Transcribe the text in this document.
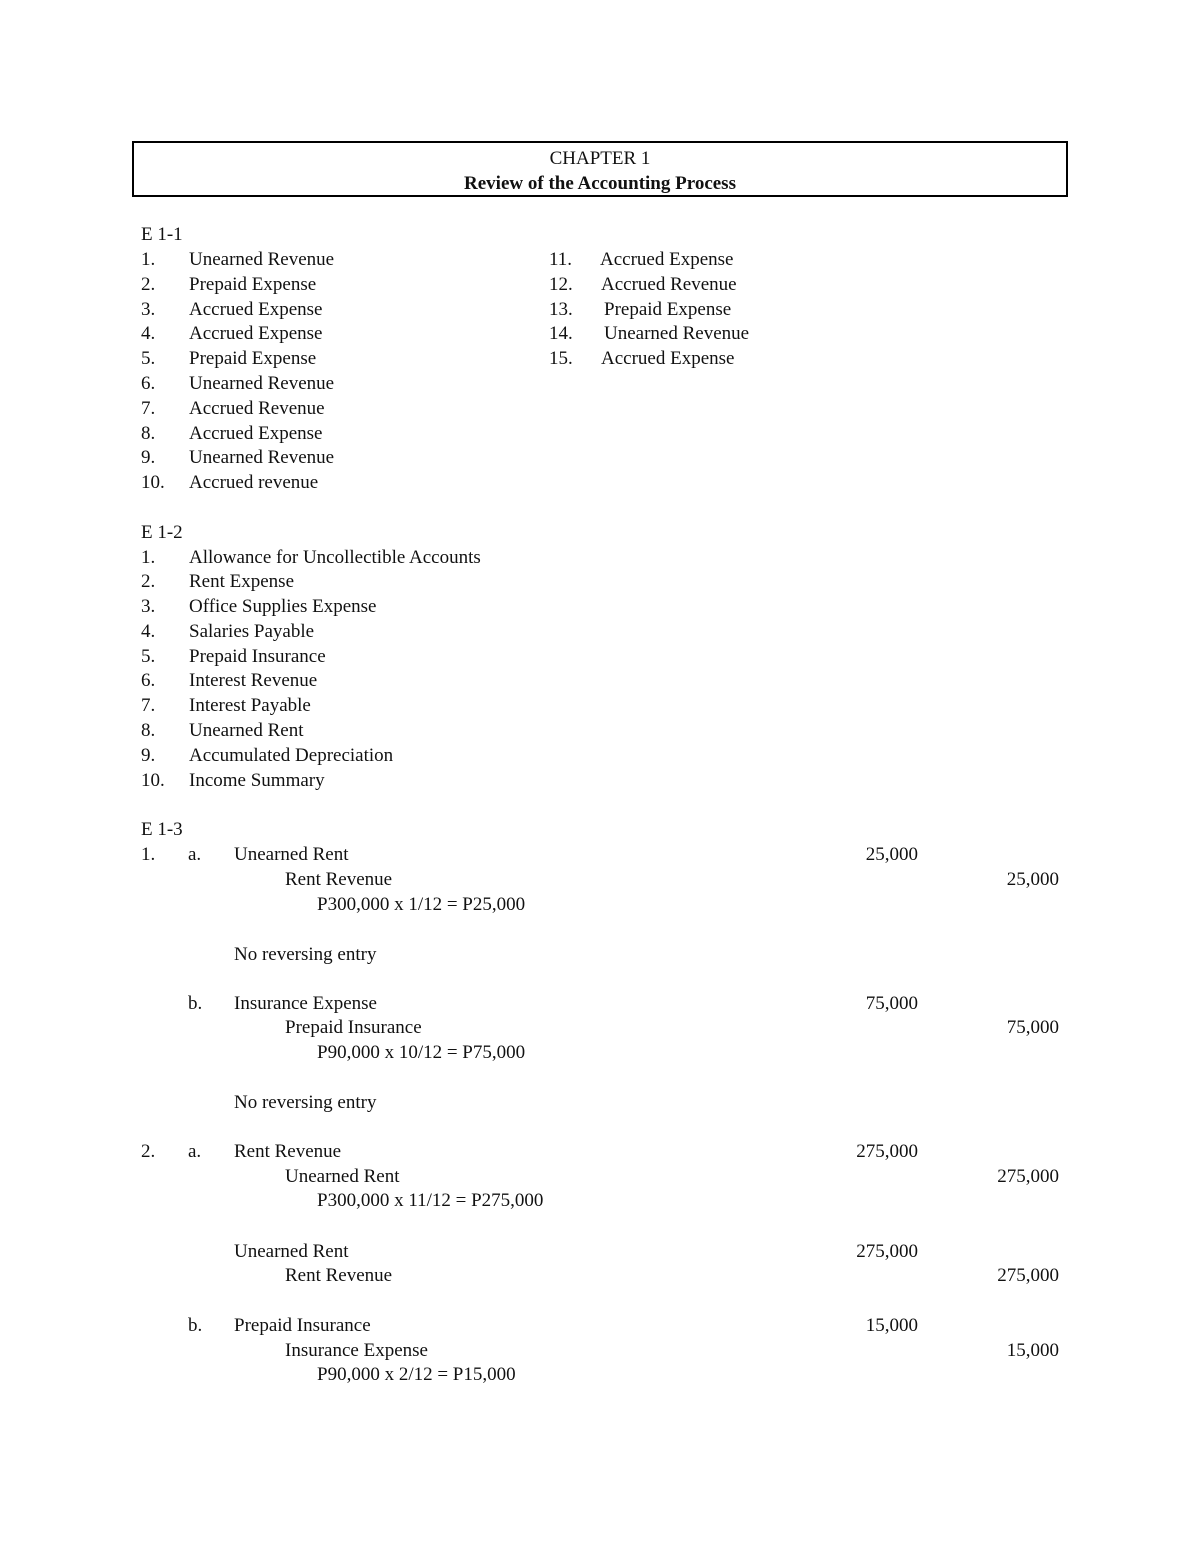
CHAPTER 1
Review of the Accounting Process
E 1-1
1. Unearned Revenue
2. Prepaid Expense
3. Accrued Expense
4. Accrued Expense
5. Prepaid Expense
6. Unearned Revenue
7. Accrued Revenue
8. Accrued Expense
9. Unearned Revenue
10. Accrued revenue
11. Accrued Expense
12. Accrued Revenue
13. Prepaid Expense
14. Unearned Revenue
15. Accrued Expense
E 1-2
1. Allowance for Uncollectible Accounts
2. Rent Expense
3. Office Supplies Expense
4. Salaries Payable
5. Prepaid Insurance
6. Interest Revenue
7. Interest Payable
8. Unearned Rent
9. Accumulated Depreciation
10. Income Summary
E 1-3
1. a. Unearned Rent	25,000
Rent Revenue	25,000
P300,000 x 1/12 = P25,000
No reversing entry
b. Insurance Expense	75,000
Prepaid Insurance	75,000
P90,000 x 10/12 = P75,000
No reversing entry
2. a. Rent Revenue	275,000
Unearned Rent	275,000
P300,000 x 11/12 = P275,000
Unearned Rent	275,000
Rent Revenue	275,000
b. Prepaid Insurance	15,000
Insurance Expense	15,000
P90,000 x 2/12 = P15,000
